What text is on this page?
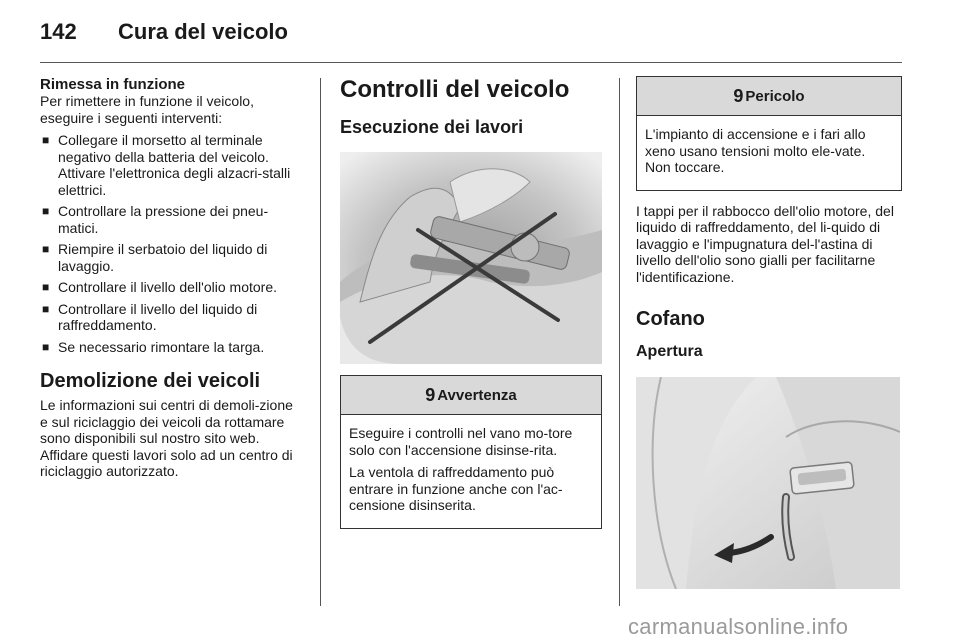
142	Cura del veicolo
Rimessa in funzione

Per rimettere in funzione il veicolo, eseguire i seguenti interventi:

■ Collegare il morsetto al terminale negativo della batteria del veicolo. Attivare l'elettronica degli alzacri-stalli elettrici.
■ Controllare la pressione dei pneu-matici.
■ Riempire il serbatoio del liquido di lavaggio.
■ Controllare il livello dell'olio motore.
■ Controllare il livello del liquido di raffreddamento.
■ Se necessario rimontare la targa.
Demolizione dei veicoli

Le informazioni sui centri di demoli-zione e sul riciclaggio dei veicoli da rottamare sono disponibili sul nostro sito web. Affidare questi lavori solo ad un centro di riciclaggio autorizzato.

Controlli del veicolo
Esecuzione dei lavori
9 Avvertenza

Eseguire i controlli nel vano mo-tore solo con l'accensione disinse-rita.

La ventola di raffreddamento può entrare in funzione anche con l'ac-censione disinserita.

9 Pericolo

L'impianto di accensione e i fari allo xeno usano tensioni molto ele-vate. Non toccare.

I tappi per il rabbocco dell'olio motore, del liquido di raffreddamento, del li-quido di lavaggio e l'impugnatura del-l'astina di livello dell'olio sono gialli per facilitarne l'identificazione.

Cofano
Apertura
carmanualsonline.info
